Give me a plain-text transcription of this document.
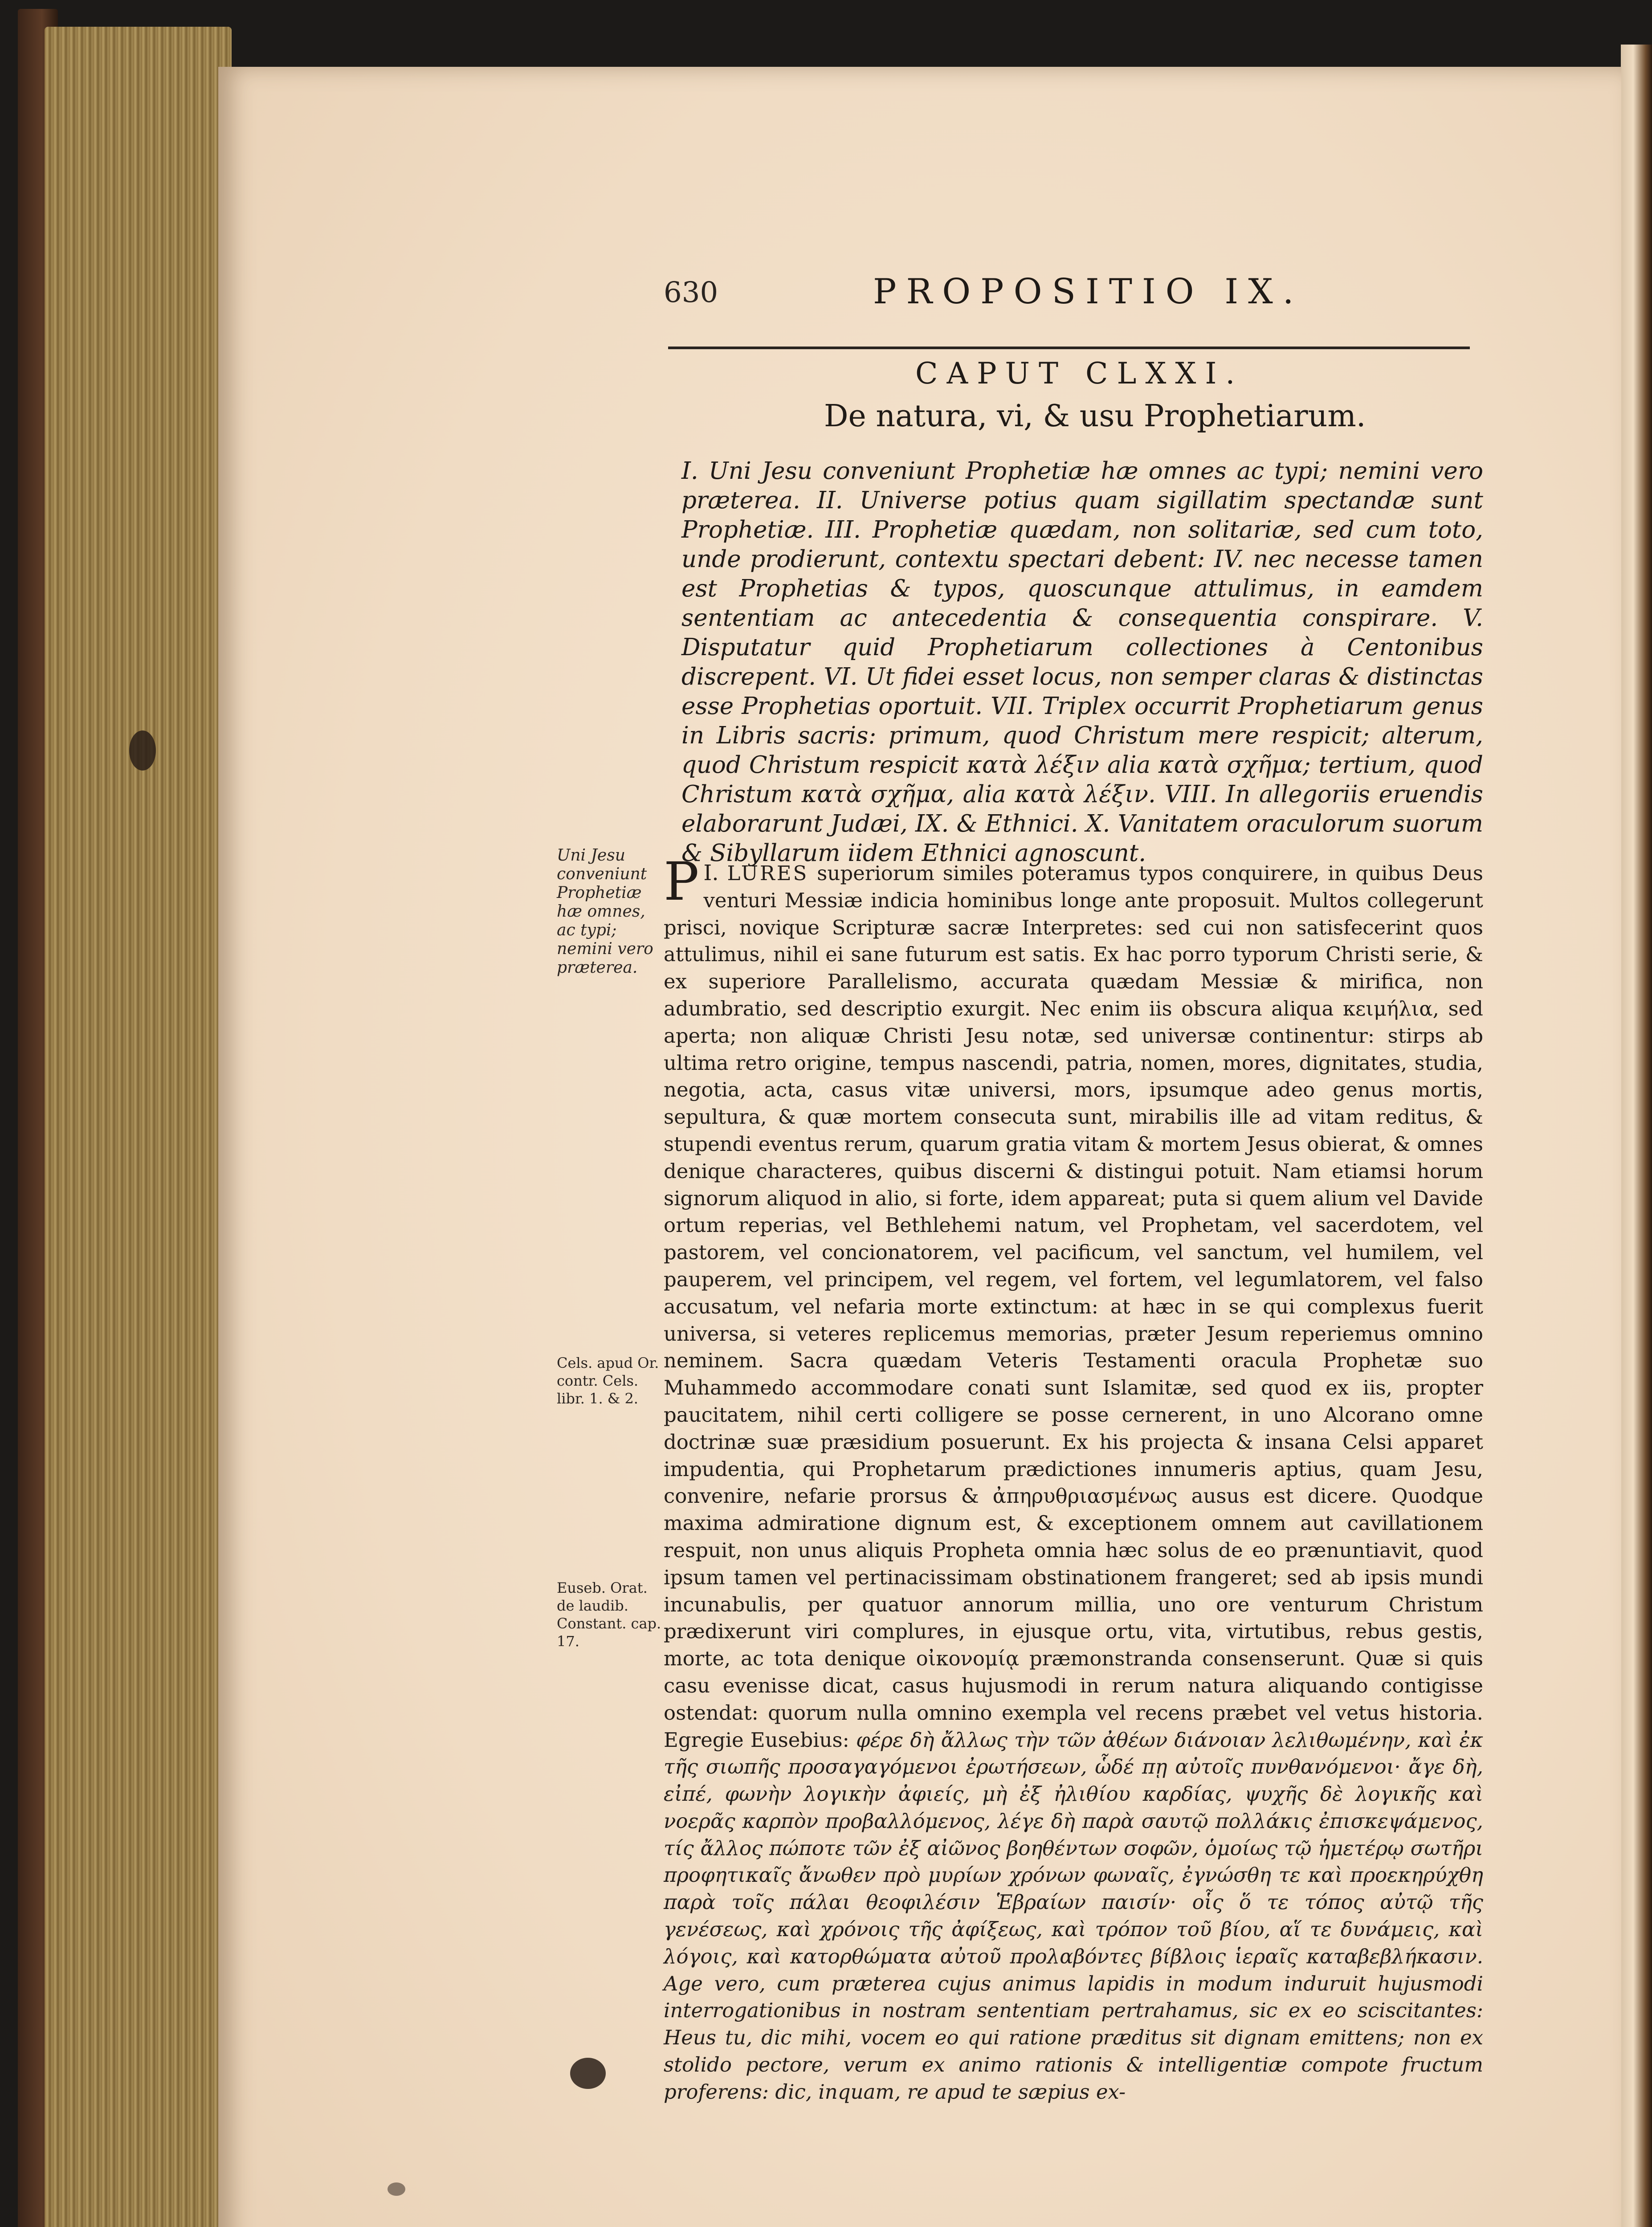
630	PROPOSITIO IX.
CAPUT CLXXI.
De natura, vi, & usu Prophetiarum.
I. Uni Jesu conveniunt Prophetiæ hæ omnes ac typi; nemini vero præterea. II. Universe potius quam sigillatim spectandæ sunt Prophetiæ. III. Prophetiæ quædam, non solitariæ, sed cum toto, unde prodierunt, contextu spectari debent: IV. nec necesse tamen est Prophetias & typos, quoscunque attulimus, in eamdem sententiam ac antecedentia & consequentia conspirare. V. Disputatur quid Prophetiarum collectiones à Centonibus discrepent. VI. Ut fidei esset locus, non semper claras & distinctas esse Prophetias oportuit. VII. Triplex occurrit Prophetiarum genus in Libris sacris: primum, quod Christum mere respicit; alterum, quod Christum respicit κατὰ λέξιν alia κατὰ σχῆμα; tertium, quod Christum κατὰ σχῆμα, alia κατὰ λέξιν. VIII. In allegoriis eruendis elaborarunt Judæi, IX. & Ethnici. X. Vanitatem oraculorum suorum & Sibyllarum iidem Ethnici agnoscunt.
Uni Jesu conveniunt Prophetiæ hæ omnes, ac typi; nemini vero præterea.
Cels. apud Or. contr. Cels. libr. 1. & 2.
Euseb. Orat. de laudib. Constant. cap. 17.
I.
P LURES superiorum similes poteramus typos conquirere, in quibus Deus venturi Messiæ indicia hominibus longe ante proposuit. Multos collegerunt prisci, novique Scripturæ sacræ Interpretes: sed cui non satisfecerint quos attulimus, nihil ei sane futurum est satis. Ex hac porro typorum Christi serie, & ex superiore Parallelismo, accurata quædam Messiæ & mirifica, non adumbratio, sed descriptio exurgit. Nec enim iis obscura aliqua κειμήλια, sed aperta; non aliquæ Christi Jesu notæ, sed universæ continentur: stirps ab ultima retro origine, tempus nascendi, patria, nomen, mores, dignitates, studia, negotia, acta, casus vitæ universi, mors, ipsumque adeo genus mortis, sepultura, & quæ mortem consecuta sunt, mirabilis ille ad vitam reditus, & stupendi eventus rerum, quarum gratia vitam & mortem Jesus obierat, & omnes denique characteres, quibus discerni & distingui potuit. Nam etiamsi horum signorum aliquod in alio, si forte, idem appareat; puta si quem alium vel Davide ortum reperias, vel Bethlehemi natum, vel Prophetam, vel sacerdotem, vel pastorem, vel concionatorem, vel pacificum, vel sanctum, vel humilem, vel pauperem, vel principem, vel regem, vel fortem, vel legumlatorem, vel falso accusatum, vel nefaria morte extinctum: at hæc in se qui complexus fuerit universa, si veteres replicemus memorias, præter Jesum reperiemus omnino neminem. Sacra quædam Veteris Testamenti oracula Prophetæ suo Muhammedo accommodare conati sunt Islamitæ, sed quod ex iis, propter paucitatem, nihil certi colligere se posse cernerent, in uno Alcorano omne doctrinæ suæ præsidium posuerunt. Ex his projecta & insana Celsi apparet impudentia, qui Prophetarum prædictiones innumeris aptius, quam Jesu, convenire, nefarie prorsus & ἀπηρυθριασμένως ausus est dicere. Quodque maxima admiratione dignum est, & exceptionem omnem aut cavillationem respuit, non unus aliquis Propheta omnia hæc solus de eo prænuntiavit, quod ipsum tamen vel pertinacissimam obstinationem frangeret; sed ab ipsis mundi incunabulis, per quatuor annorum millia, uno ore venturum Christum prædixerunt viri complures, in ejusque ortu, vita, virtutibus, rebus gestis, morte, ac tota denique οἰκονομίᾳ præmonstranda consenserunt. Quæ si quis casu evenisse dicat, casus hujusmodi in rerum natura aliquando contigisse ostendat: quorum nulla omnino exempla vel recens præbet vel vetus historia. Egregie Eusebius: φέρε δὴ ἄλλως τὴν τῶν ἀθέων διάνοιαν λελιθωμένην, καὶ ἐκ τῆς σιωπῆς προσαγαγόμενοι ἐρωτήσεων, ὧδέ πῃ αὐτοῖς πυνθανόμενοι· ἄγε δὴ, εἰπέ, φωνὴν λογικὴν ἀφιείς, μὴ ἐξ ἠλιθίου καρδίας, ψυχῆς δὲ λογικῆς καὶ νοερᾶς καρπὸν προβαλλόμενος, λέγε δὴ παρὰ σαυτῷ πολλάκις ἐπισκεψάμενος, τίς ἄλλος πώποτε τῶν ἐξ αἰῶνος βοηθέντων σοφῶν, ὁμοίως τῷ ἡμετέρῳ σωτῆρι προφητικαῖς ἄνωθεν πρὸ μυρίων χρόνων φωναῖς, ἐγνώσθη τε καὶ προεκηρύχθη παρὰ τοῖς πάλαι θεοφιλέσιν Ἑβραίων παισίν· οἷς ὅ τε τόπος αὐτῷ τῆς γενέσεως, καὶ χρόνοις τῆς ἀφίξεως, καὶ τρόπον τοῦ βίου, αἵ τε δυνάμεις, καὶ λόγοις, καὶ κατορθώματα αὐτοῦ προλαβόντες βίβλοις ἱεραῖς καταβεβλήκασιν. Age vero, cum præterea cujus animus lapidis in modum induruit hujusmodi interrogationibus in nostram sententiam pertrahamus, sic ex eo sciscitantes: Heus tu, dic mihi, vocem eo qui ratione præditus sit dignam emittens; non ex stolido pectore, verum ex animo rationis & intelligentiæ compote fructum proferens: dic, inquam, re apud te sæpius ex-
